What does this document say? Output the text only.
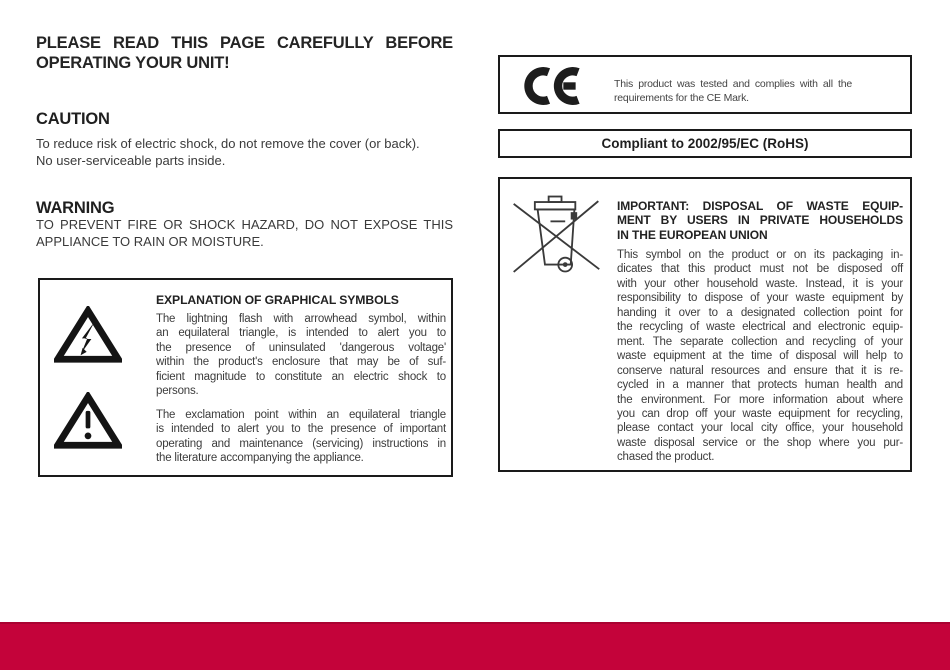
PLEASE READ THIS PAGE CAREFULLY BEFORE
OPERATING YOUR UNIT!
CAUTION
To reduce risk of electric shock, do not remove the cover (or back).
No user-serviceable parts inside.
WARNING
TO PREVENT FIRE OR SHOCK HAZARD, DO NOT EXPOSE THIS
APPLIANCE TO RAIN OR MOISTURE.
EXPLANATION OF GRAPHICAL SYMBOLS
The lightning flash with arrowhead symbol, within
an equilateral triangle, is intended to alert you to
the presence of uninsulated 'dangerous voltage'
within the product's enclosure that may be of suf-
ficient magnitude to constitute an electric shock to
persons.
The exclamation point within an equilateral triangle
is intended to alert you to the presence of important
operating and maintenance (servicing) instructions in
the literature accompanying the appliance.
This product was tested and complies with all the
requirements for the CE Mark.
Compliant to 2002/95/EC (RoHS)
IMPORTANT: DISPOSAL OF WASTE EQUIP-
MENT BY USERS IN PRIVATE HOUSEHOLDS
IN THE EUROPEAN UNION
This symbol on the product or on its packaging in-
dicates that this product must not be disposed off
with your other household waste. Instead, it is your
responsibility to dispose of your waste equipment by
handing it over to a designated collection point for
the recycling of waste electrical and electronic equip-
ment. The separate collection and recycling of your
waste equipment at the time of disposal will help to
conserve natural resources and ensure that it is re-
cycled in a manner that protects human health and
the environment. For more information about where
you can drop off your waste equipment for recycling,
please contact your local city office, your household
waste disposal service or the shop where you pur-
chased the product.
